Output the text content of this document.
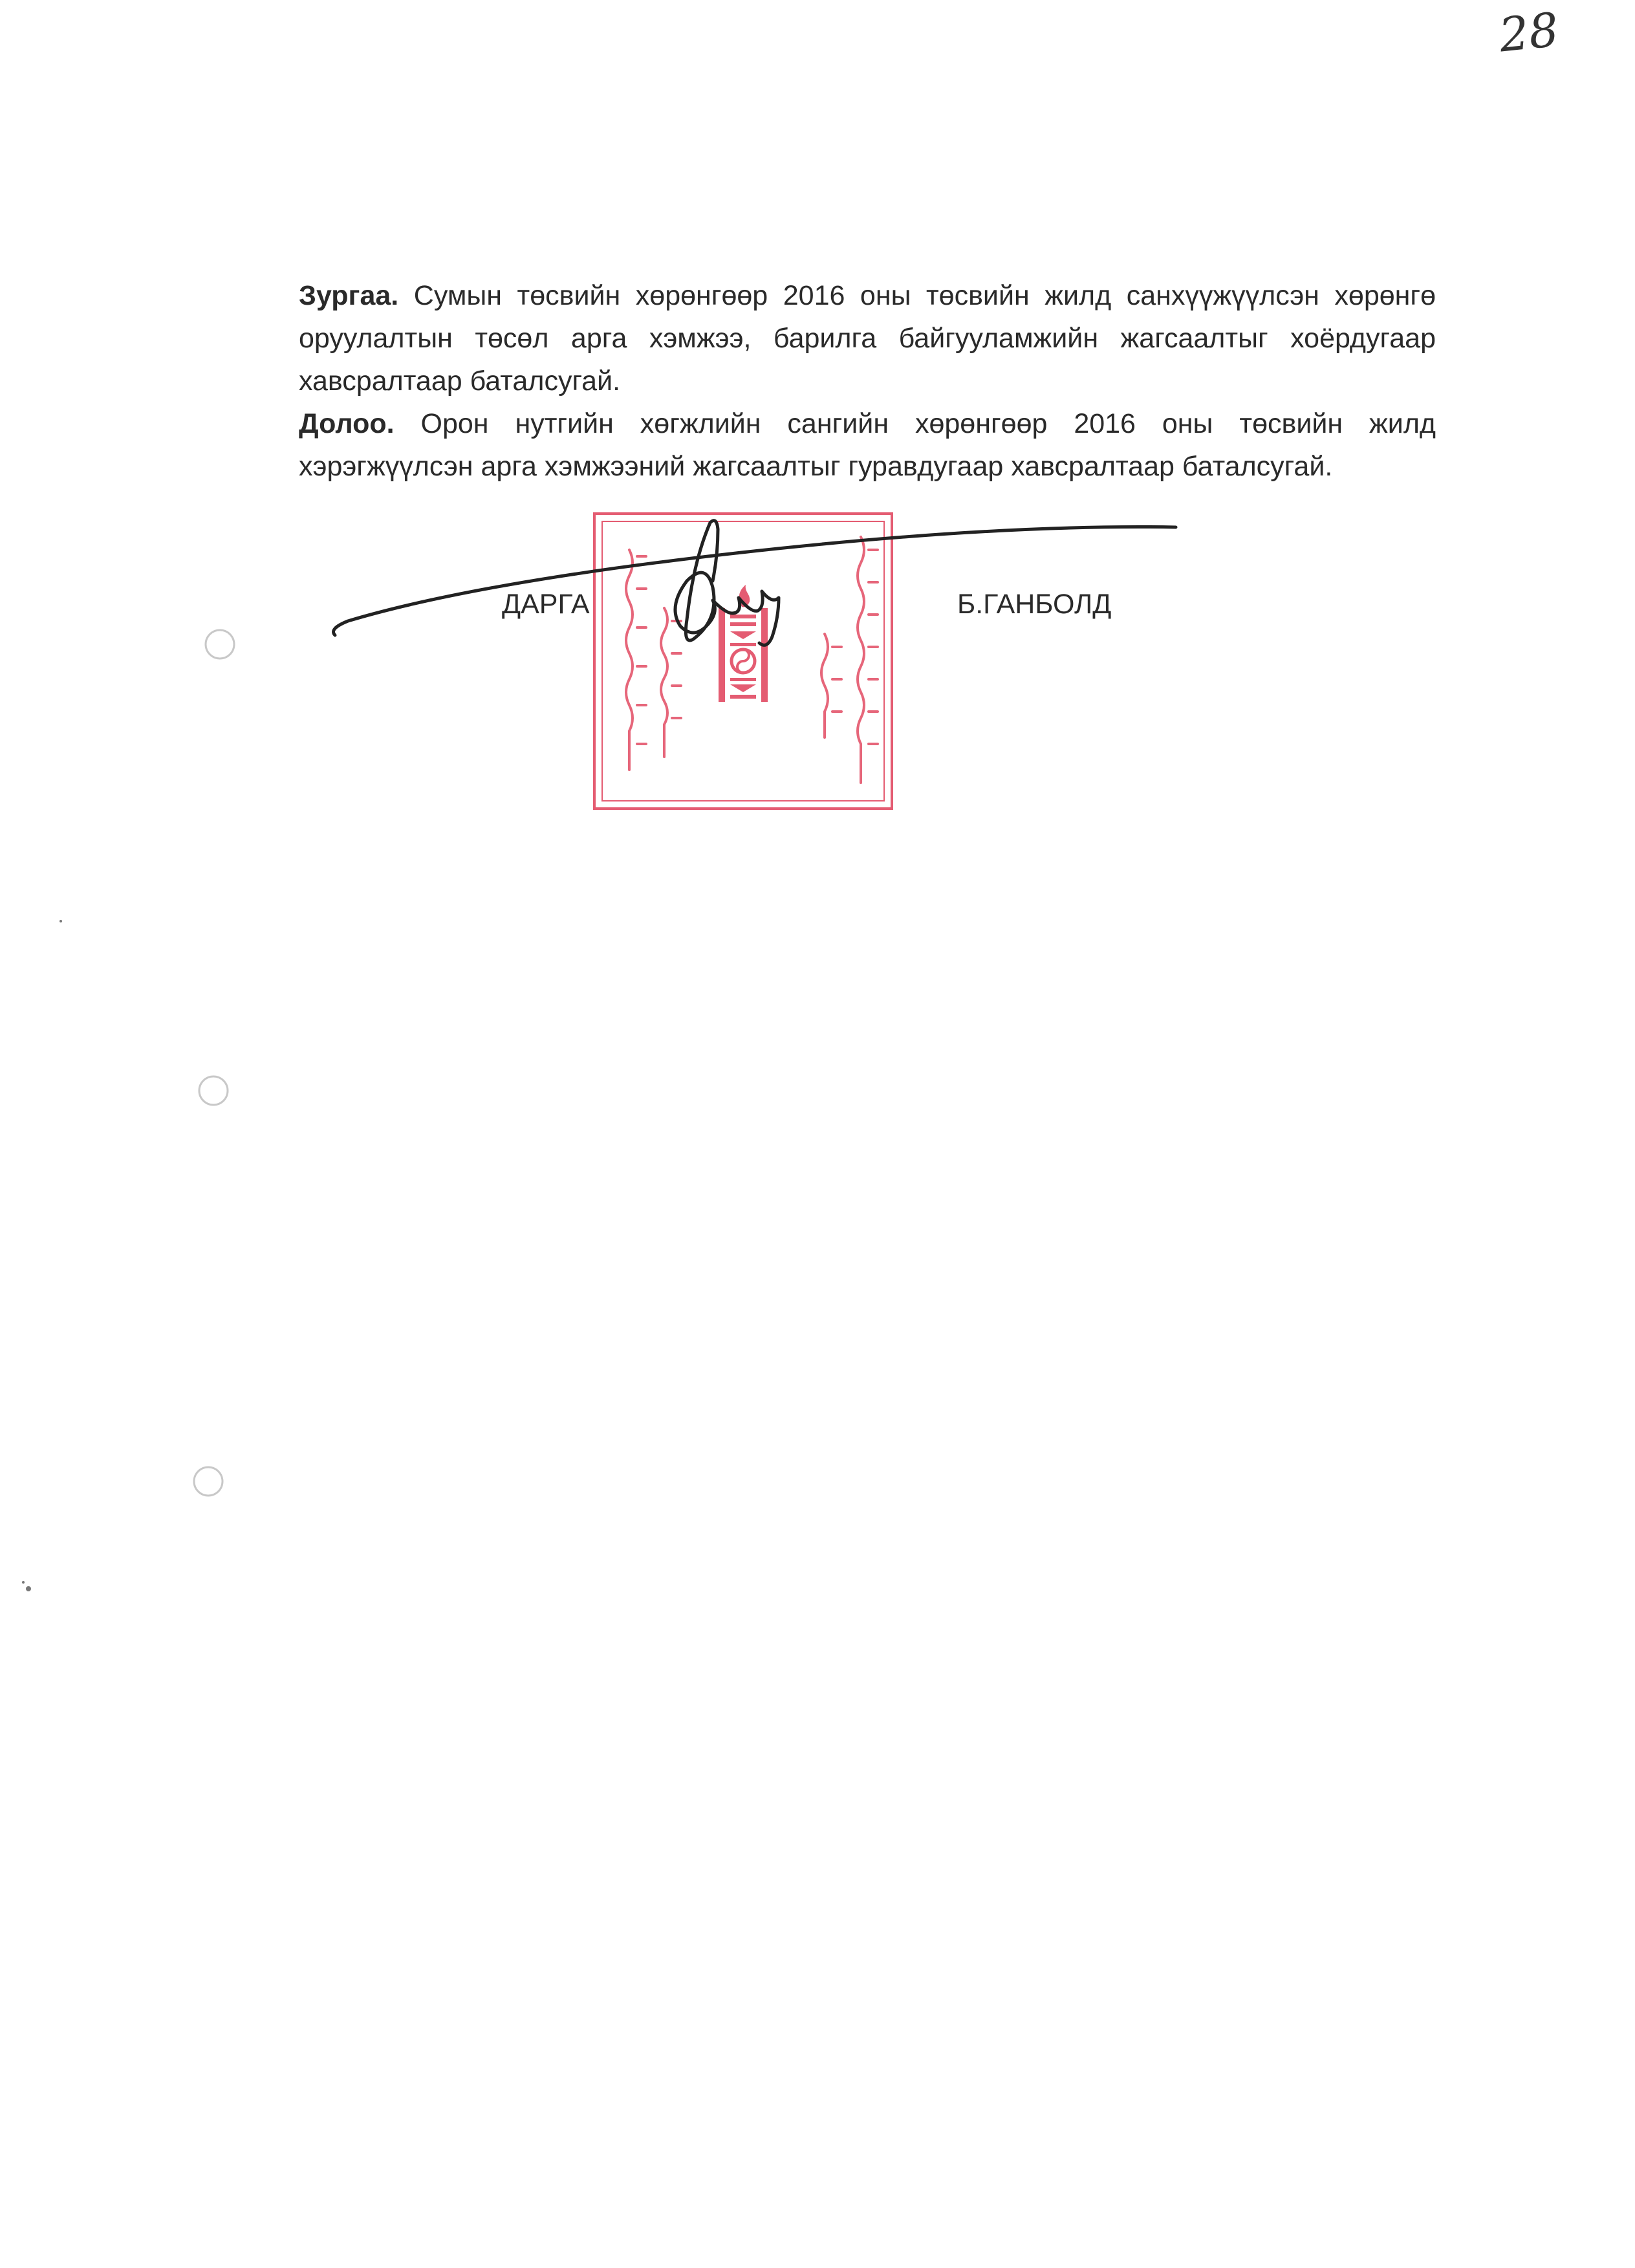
28

Зургаа. Сумын төсвийн хөрөнгөөр 2016 оны төсвийн жилд санхүүжүүлсэн хөрөнгө оруулалтын төсөл арга хэмжээ, барилга байгууламжийн жагсаалтыг хоёрдугаар хавсралтаар баталсугай.

Долоо. Орон нутгийн хөгжлийн сангийн хөрөнгөөр 2016 оны төсвийн жилд хэрэгжүүлсэн арга хэмжээний жагсаалтыг гуравдугаар хавсралтаар баталсугай.

ДАРГА	Б.ГАНБОЛД
